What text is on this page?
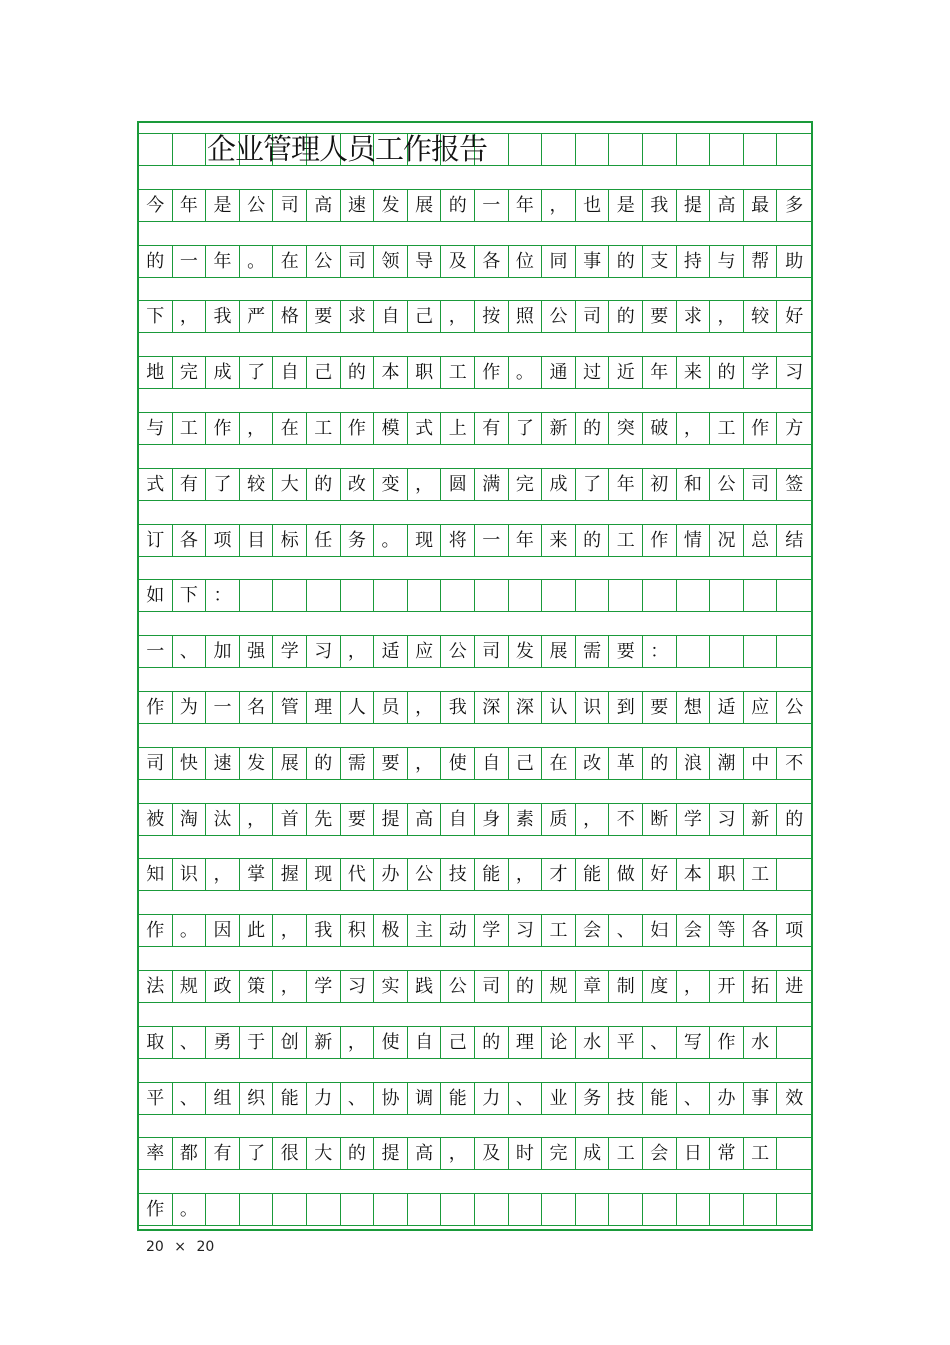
企业管理人员工作报告
今 年 是 公 司 高 速 发 展 的 一 年 ， 也 是 我 提 高 最 多
的 一 年 。 在 公 司 领 导 及 各 位 同 事 的 支 持 与 帮 助
下 ， 我 严 格 要 求 自 己 ， 按 照 公 司 的 要 求 ， 较 好
地 完 成 了 自 己 的 本 职 工 作 。 通 过 近 年 来 的 学 习
与 工 作 ， 在 工 作 模 式 上 有 了 新 的 突 破 ， 工 作 方
式 有 了 较 大 的 改 变 ， 圆 满 完 成 了 年 初 和 公 司 签
订 各 项 目 标 任 务 。 现 将 一 年 来 的 工 作 情 况 总 结
如 下 ：
一 、 加 强 学 习 ， 适 应 公 司 发 展 需 要 ：
作 为 一 名 管 理 人 员 ， 我 深 深 认 识 到 要 想 适 应 公
司 快 速 发 展 的 需 要 ， 使 自 己 在 改 革 的 浪 潮 中 不
被 淘 汰 ， 首 先 要 提 高 自 身 素 质 ， 不 断 学 习 新 的
知 识 ， 掌 握 现 代 办 公 技 能 ， 才 能 做 好 本 职 工
作 。 因 此 ， 我 积 极 主 动 学 习 工 会 、 妇 会 等 各 项
法 规 政 策 ， 学 习 实 践 公 司 的 规 章 制 度 ， 开 拓 进
取 、 勇 于 创 新 ， 使 自 己 的 理 论 水 平 、 写 作 水
平 、 组 织 能 力 、 协 调 能 力 、 业 务 技 能 、 办 事 效
率 都 有 了 很 大 的 提 高 ， 及 时 完 成 工 会 日 常 工
作 。
20 × 20
